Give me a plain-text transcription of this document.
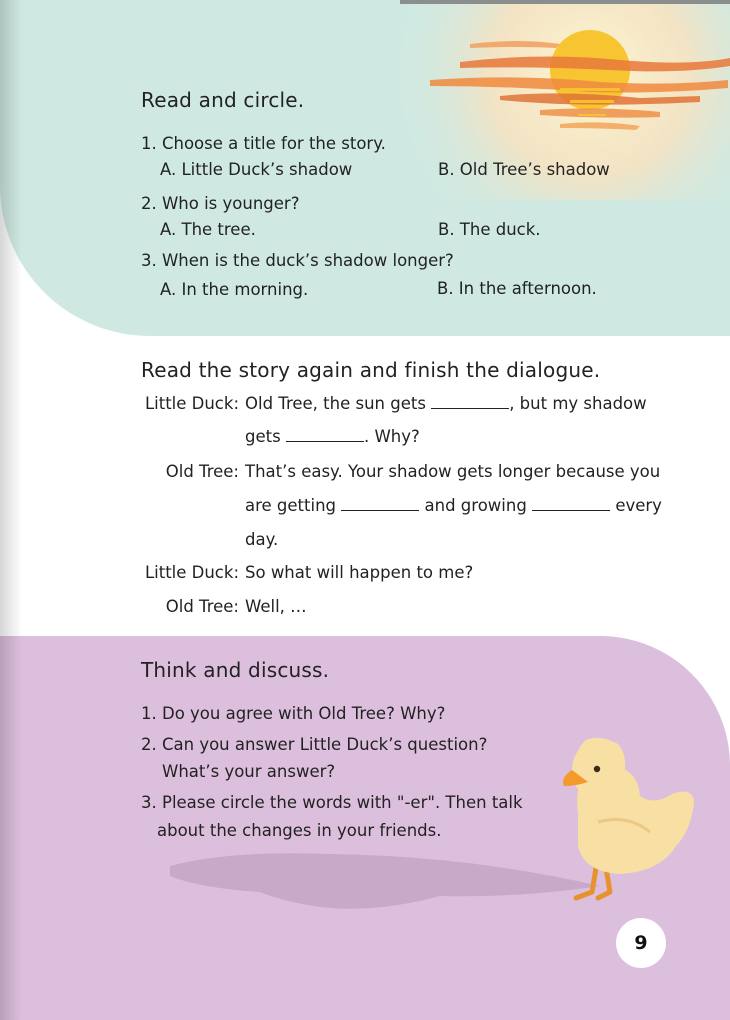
Read and circle.
1. Choose a title for the story.
A. Little Duck’s shadow	B. Old Tree’s shadow
2. Who is younger?
A. The tree.	B. The duck.
3. When is the duck’s shadow longer?
A. In the morning.	B. In the afternoon.
Read the story again and finish the dialogue.
Little Duck: Old Tree, the sun gets	, but my shadow
gets	. Why?
Old Tree: That’s easy. Your shadow gets longer because you
are getting	and growing	every
day.
Little Duck: So what will happen to me?
Old Tree: Well, …
Think and discuss.
1. Do you agree with Old Tree? Why?
2. Can you answer Little Duck’s question?
What’s your answer?
3. Please circle the words with "-er". Then talk
about the changes in your friends.
9
